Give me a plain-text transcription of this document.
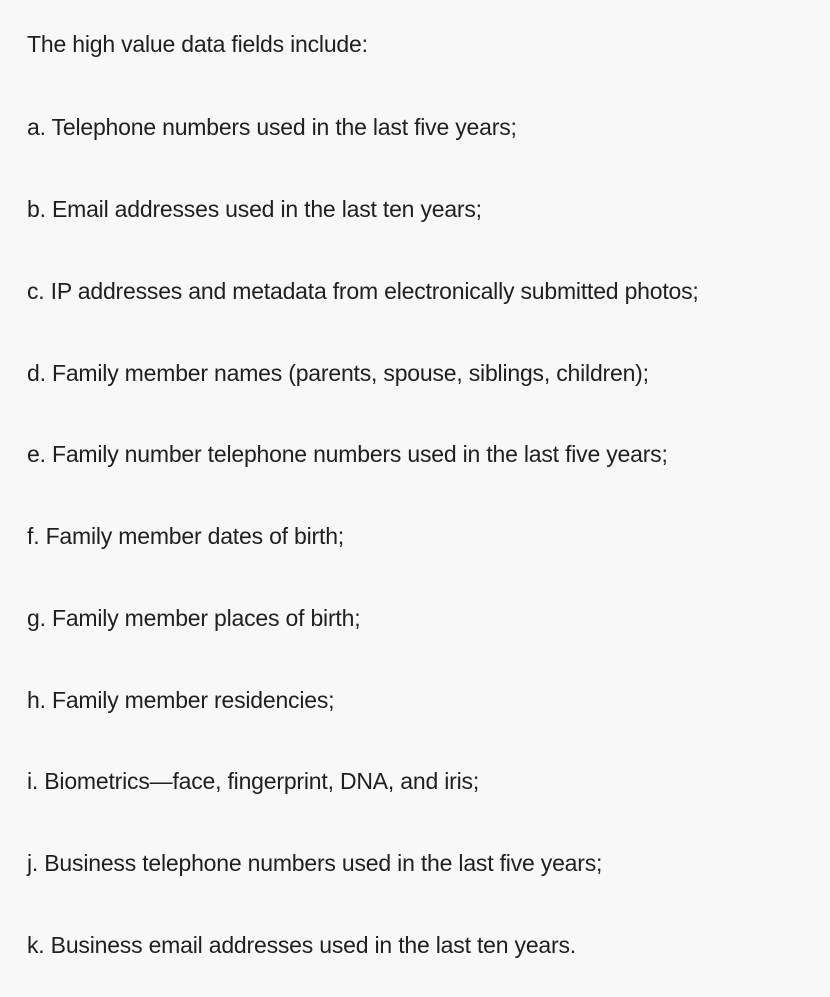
The high value data fields include:

a. Telephone numbers used in the last five years;
b. Email addresses used in the last ten years;
c. IP addresses and metadata from electronically submitted photos;
d. Family member names (parents, spouse, siblings, children);
e. Family number telephone numbers used in the last five years;
f. Family member dates of birth;
g. Family member places of birth;
h. Family member residencies;
i. Biometrics—face, fingerprint, DNA, and iris;
j. Business telephone numbers used in the last five years;
k. Business email addresses used in the last ten years.
